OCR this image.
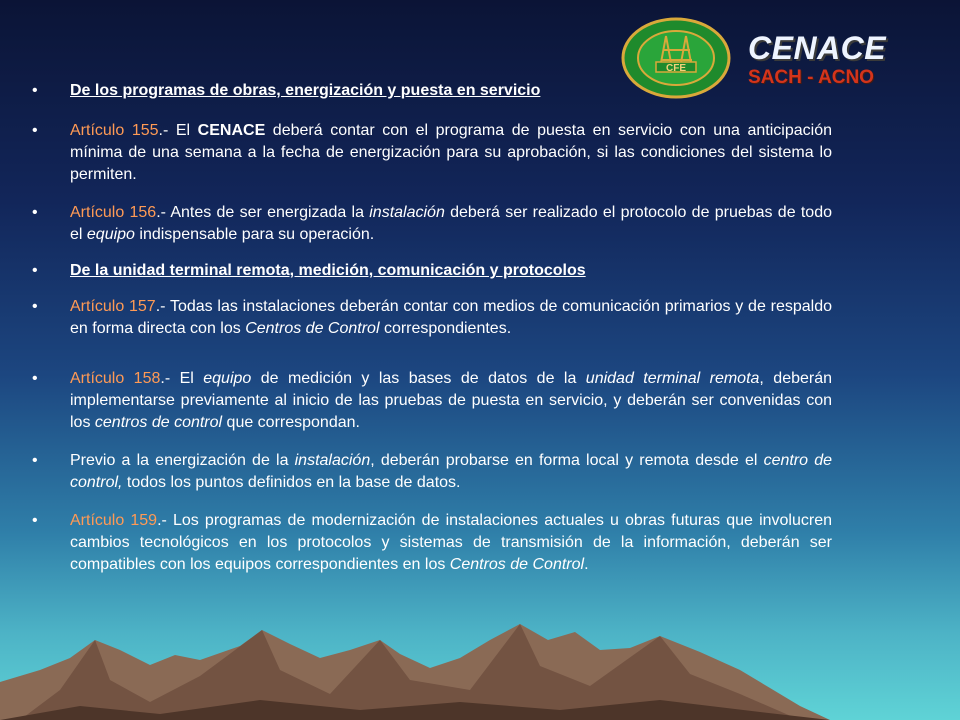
CFE
CENACE
SACH - ACNO
• De los programas de obras, energización y puesta en servicio
• Artículo 155.- El CENACE deberá contar con el programa de puesta en servicio con una anticipación mínima de una semana a la fecha de energización para su aprobación, si las condiciones del sistema lo permiten.
• Artículo 156.- Antes de ser energizada la instalación deberá ser realizado el protocolo de pruebas de todo el equipo indispensable para su operación.
• De la unidad terminal remota, medición, comunicación y protocolos
• Artículo 157.- Todas las instalaciones deberán contar con medios de comunicación primarios y de respaldo en forma directa con los Centros de Control correspondientes.
• Artículo 158.- El equipo de medición y las bases de datos de la unidad terminal remota, deberán implementarse previamente al inicio de las pruebas de puesta en servicio, y deberán ser convenidas con los centros de control que correspondan.
• Previo a la energización de la instalación, deberán probarse en forma local y remota desde el centro de control, todos los puntos definidos en la base de datos.
• Artículo 159.- Los programas de modernización de instalaciones actuales u obras futuras que involucren cambios tecnológicos en los protocolos y sistemas de transmisión de la información, deberán ser compatibles con los equipos correspondientes en los Centros de Control.
